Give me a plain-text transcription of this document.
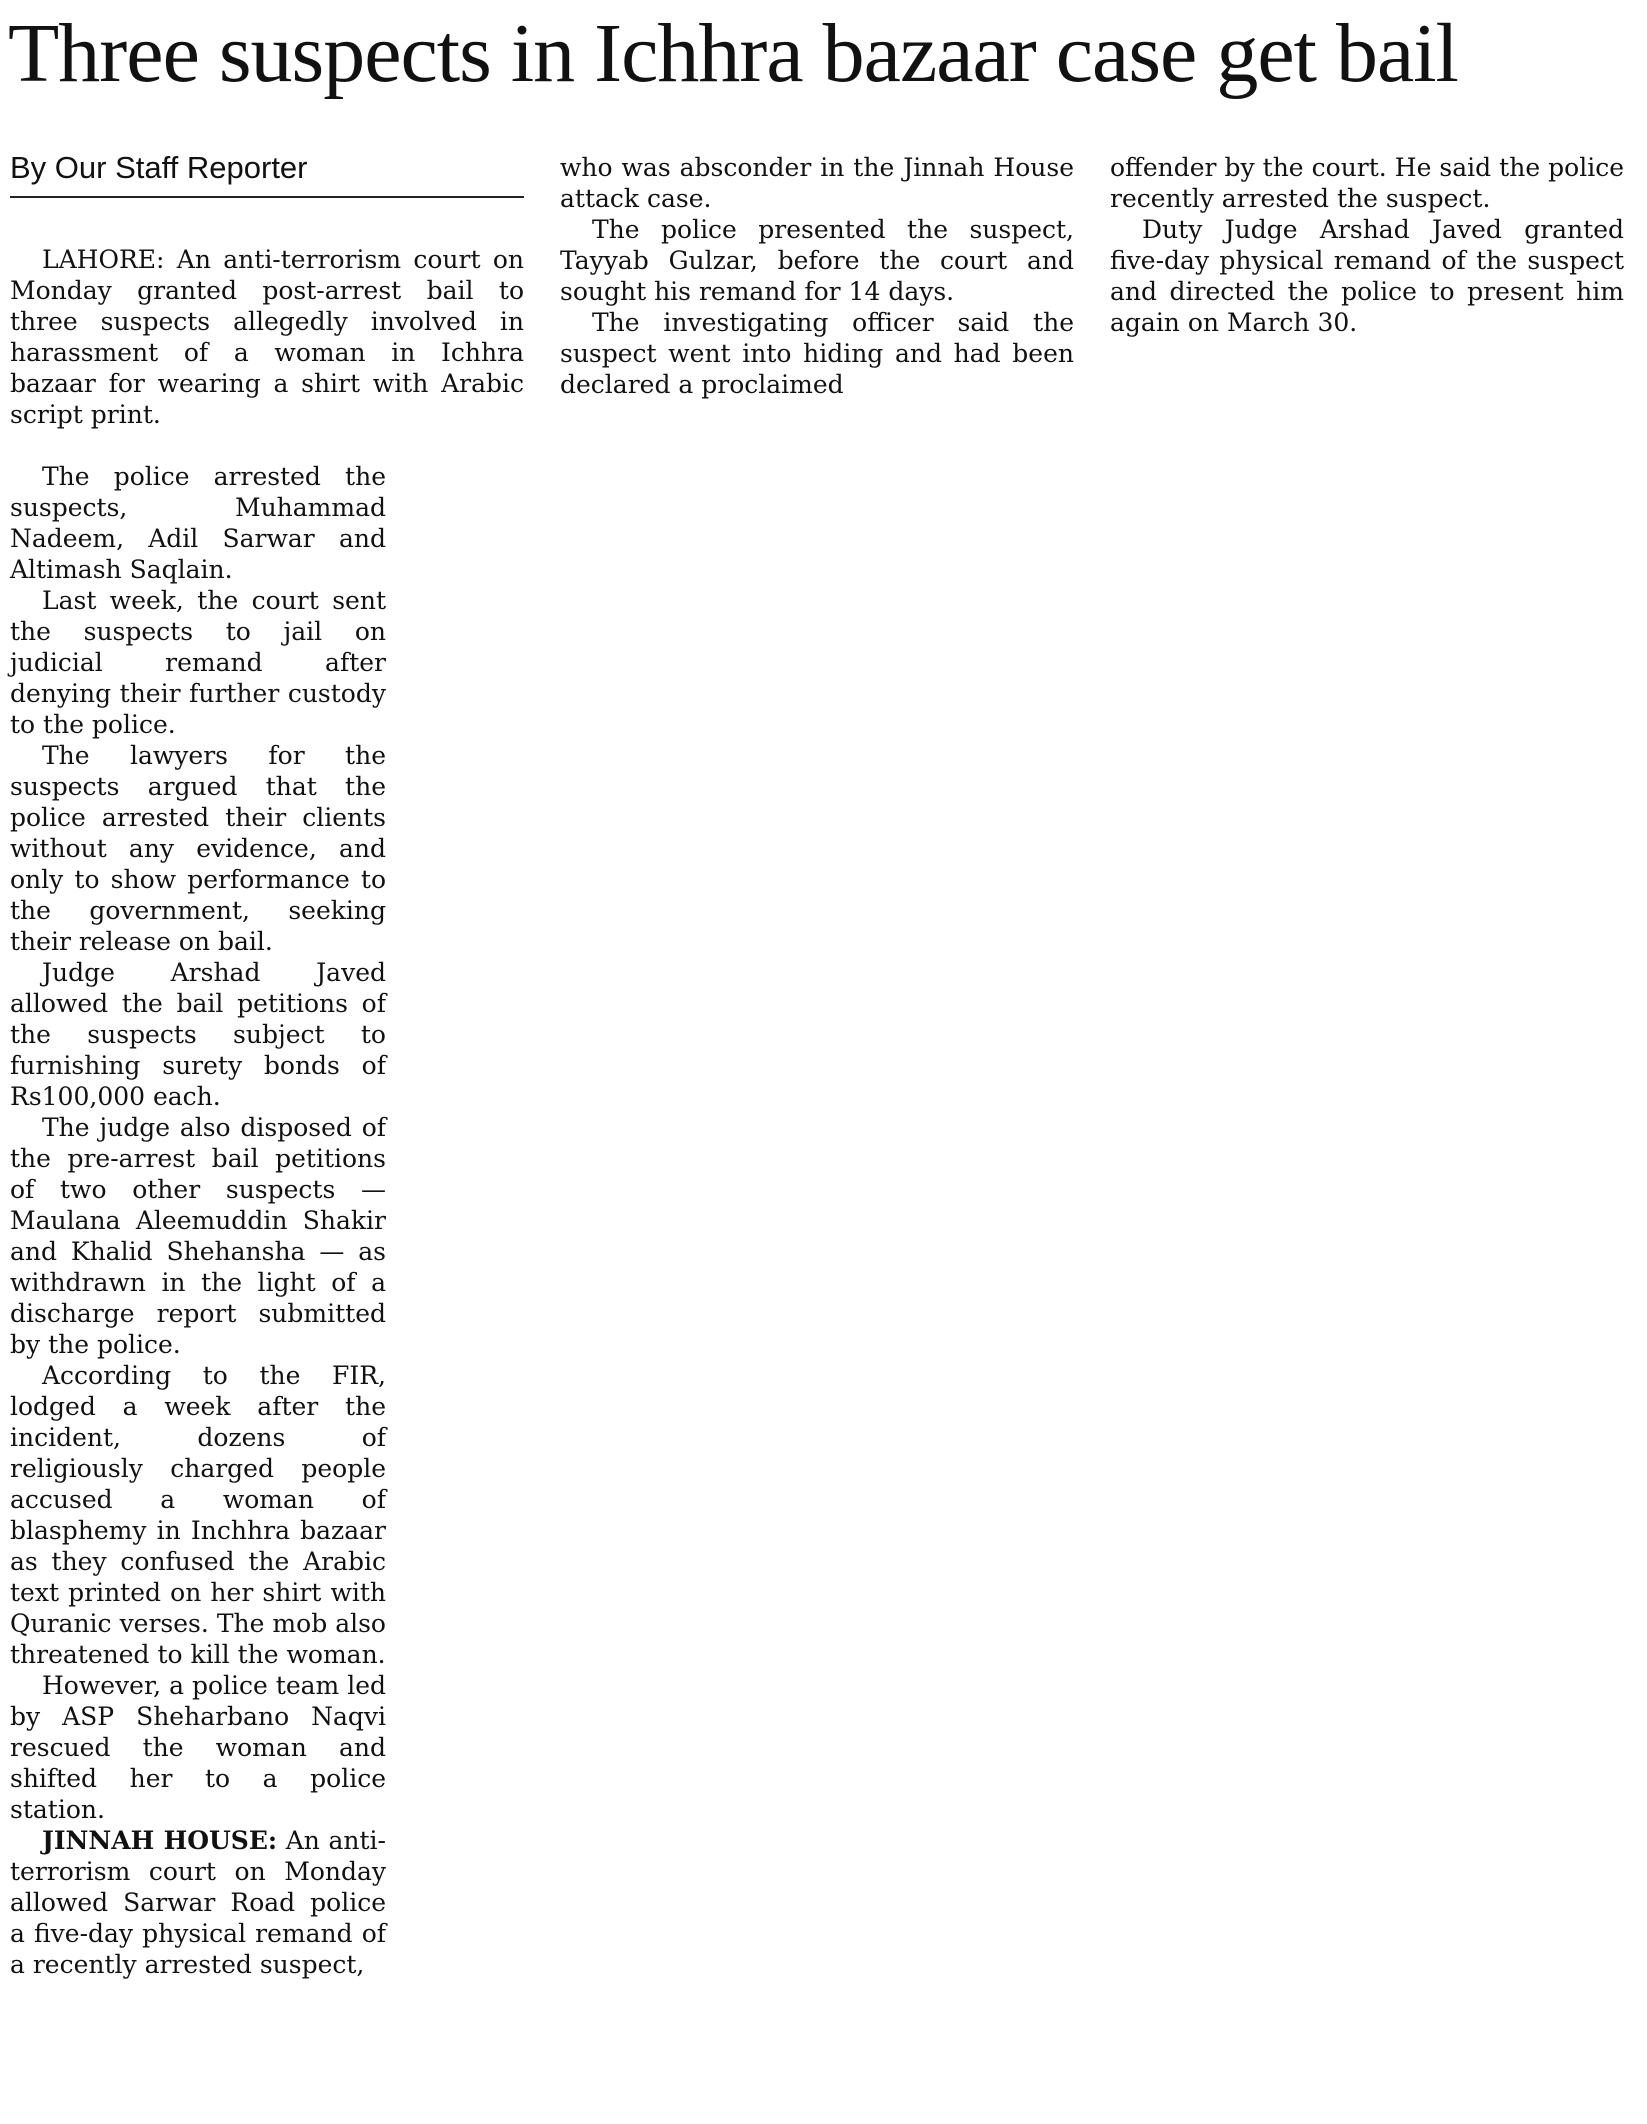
Three suspects in Ichhra bazaar case get bail
By Our Staff Reporter

LAHORE: An anti-terrorism court on Monday granted post-arrest bail to three suspects allegedly involved in harassment of a woman in Ichhra bazaar for wearing a shirt with Arabic script print.

The police arrested the suspects, Muhammad Nadeem, Adil Sarwar and Altimash Saqlain.

Last week, the court sent the suspects to jail on judicial remand after denying their further custody to the police.

The lawyers for the suspects argued that the police arrested their clients without any evidence, and only to show performance to the government, seeking their release on bail.

Judge Arshad Javed allowed the bail petitions of the suspects subject to furnishing surety bonds of Rs100,000 each.

The judge also disposed of the pre-arrest bail petitions of two other suspects — Maulana Aleemuddin Shakir and Khalid Shehansha — as withdrawn in the light of a discharge report submitted by the police.

According to the FIR, lodged a week after the incident, dozens of religiously charged people accused a woman of blasphemy in Inchhra bazaar as they confused the Arabic text printed on her shirt with Quranic verses. The mob also threatened to kill the woman.

However, a police team led by ASP Sheharbano Naqvi rescued the woman and shifted her to a police station.

JINNAH HOUSE: An anti-terrorism court on Monday allowed Sarwar Road police a five-day physical remand of a recently arrested suspect,

who was absconder in the Jinnah House attack case.

The police presented the suspect, Tayyab Gulzar, before the court and sought his remand for 14 days.

The investigating officer said the suspect went into hiding and had been declared a proclaimed

offender by the court. He said the police recently arrested the suspect.

Duty Judge Arshad Javed granted five-day physical remand of the suspect and directed the police to present him again on March 30.
